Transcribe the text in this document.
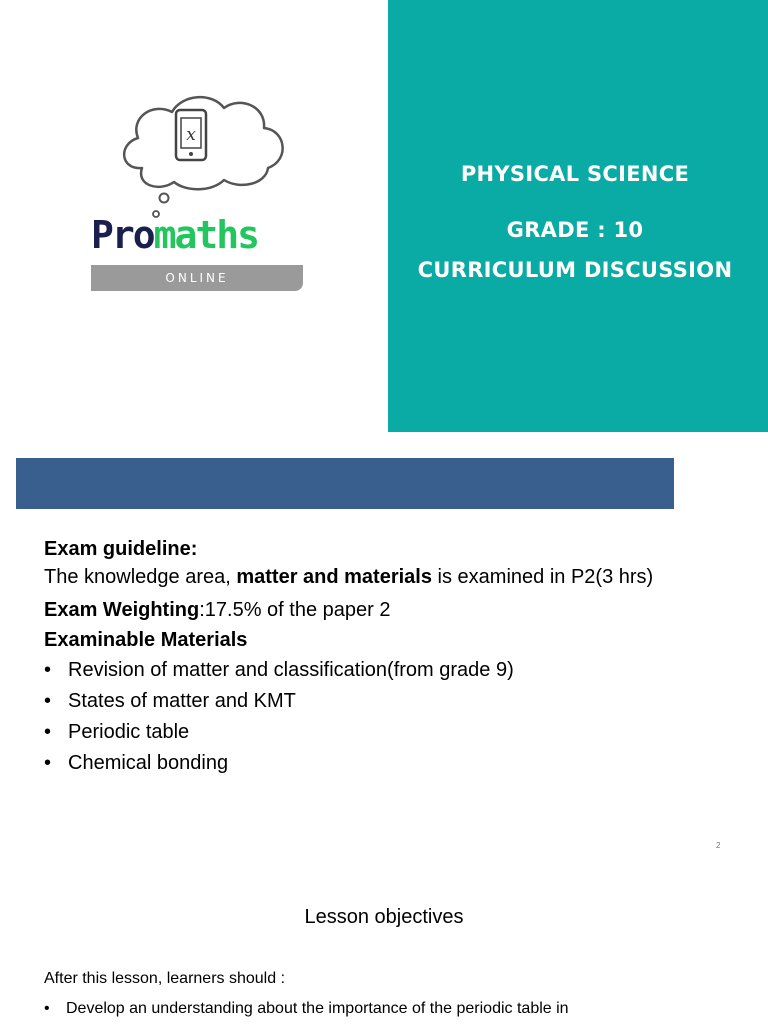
x
Promaths
ONLINE
PHYSICAL SCIENCE
GRADE : 10
CURRICULUM DISCUSSION

Exam guideline:

The knowledge area, matter and materials is examined in P2(3 hrs)

Exam Weighting:17.5% of the paper 2

Examinable Materials

• Revision of matter and classification(from grade 9)
• States of matter and KMT
• Periodic table
• Chemical bonding
2
Lesson objectives
After this lesson, learners should :
• Develop an understanding about the importance of the periodic table in
